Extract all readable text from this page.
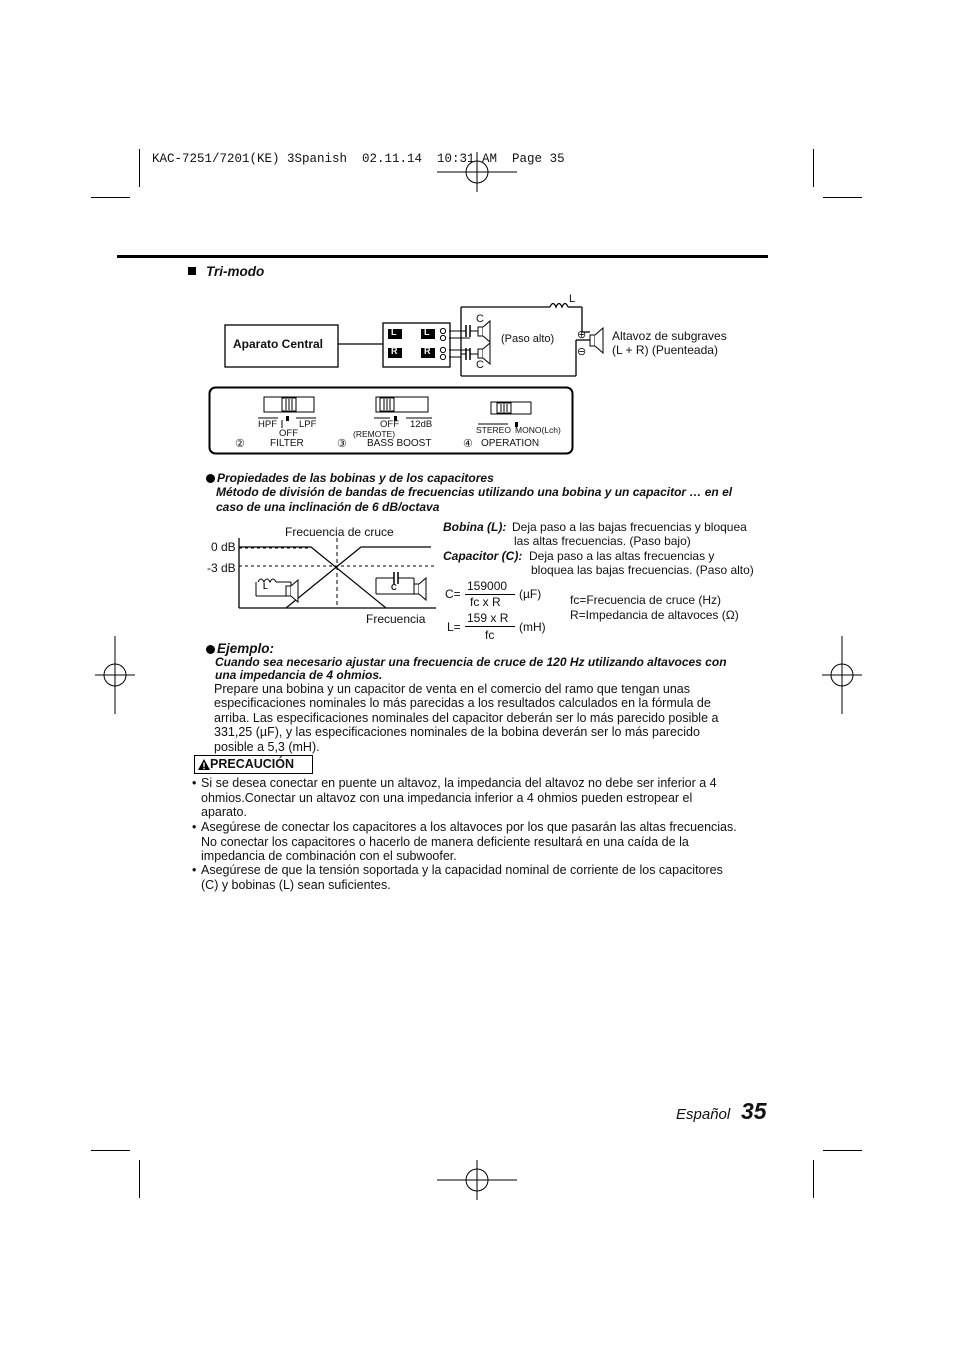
KAC-7251/7201(KE) 3Spanish  02.11.14  10:31 AM  Page 35
Tri-modo
Aparato Central
L	L
R	R
L
C
C
(Paso alto) ⊕
⊖
Altavoz de subgraves
(L + R) (Puenteada)
HPF LPF
OFF
②	FILTER
OFF
(REMOTE)
12dB
③ BASS BOOST
STEREO MONO(Lch)
④ OPERATION
Propiedades de las bobinas y de los capacitores
Método de división de bandas de frecuencias utilizando una bobina y un capacitor … en el
caso de una inclinación de 6 dB/octava
Frecuencia de cruce
0 dB
-3 dB
Frecuencia
L	C
Bobina (L): Deja paso a las bajas frecuencias y bloquea
las altas frecuencias. (Paso bajo)
Capacitor (C): Deja paso a las altas frecuencias y
bloquea las bajas frecuencias. (Paso alto)
C=
159000
fc x R
(µF)
L=
159 x R
fc
(mH)
fc=Frecuencia de cruce (Hz)
R=Impedancia de altavoces (Ω)
Ejemplo:
Cuando sea necesario ajustar una frecuencia de cruce de 120 Hz utilizando altavoces con
una impedancia de 4 ohmios.
Prepare una bobina y un capacitor de venta en el comercio del ramo que tengan unas
especificaciones nominales lo más parecidas a los resultados calculados en la fórmula de
arriba. Las especificaciones nominales del capacitor deberán ser lo más parecido posible a
331,25 (µF), y las especificaciones nominales de la bobina deverán ser lo más parecido
posible a 5,3 (mH).
PRECAUCIÓN
• Si se desea conectar en puente un altavoz, la impedancia del altavoz no debe ser inferior a 4
ohmios.Conectar un altavoz con una impedancia inferior a 4 ohmios pueden estropear el
aparato.
• Asegúrese de conectar los capacitores a los altavoces por los que pasarán las altas frecuencias.
No conectar los capacitores o hacerlo de manera deficiente resultará en una caída de la
impedancia de combinación con el subwoofer.
• Asegúrese de que la tensión soportada y la capacidad nominal de corriente de los capacitores
(C) y bobinas (L) sean suficientes.
Español 35
